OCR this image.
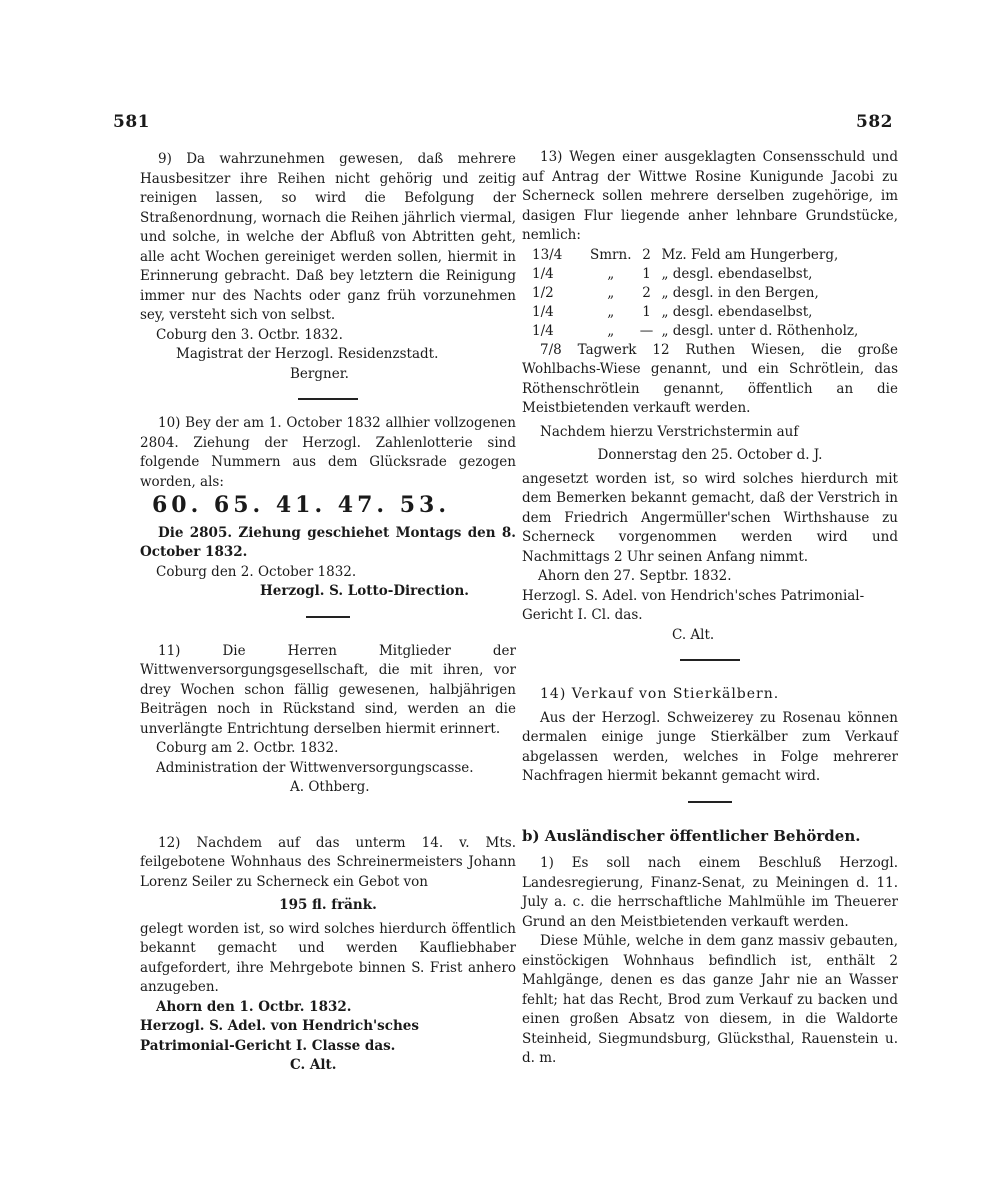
581	582

9) Da wahrzunehmen gewesen, daß mehrere Hausbesitzer ihre Reihen nicht gehörig und zeitig reinigen lassen, so wird die Befolgung der Straßenordnung, wornach die Reihen jährlich viermal, und solche, in welche der Abfluß von Abtritten geht, alle acht Wochen gereiniget werden sollen, hiermit in Erinnerung gebracht. Daß bey letztern die Reinigung immer nur des Nachts oder ganz früh vorzunehmen sey, versteht sich von selbst.

Coburg den 3. Octbr. 1832.

Magistrat der Herzogl. Residenzstadt.

Bergner.

10) Bey der am 1. October 1832 allhier vollzogenen 2804. Ziehung der Herzogl. Zahlenlotterie sind folgende Nummern aus dem Glücksrade gezogen worden, als:

60. 65. 41. 47. 53.

Die 2805. Ziehung geschiehet Montags den 8. October 1832.

Coburg den 2. October 1832.

Herzogl. S. Lotto-Direction.

11) Die Herren Mitglieder der Wittwenversorgungsgesellschaft, die mit ihren, vor drey Wochen schon fällig gewesenen, halbjährigen Beiträgen noch in Rückstand sind, werden an die unverlängte Entrichtung derselben hiermit erinnert.

Coburg am 2. Octbr. 1832.

Administration der Wittwenversorgungscasse.

A. Othberg.

12) Nachdem auf das unterm 14. v. Mts. feilgebotene Wohnhaus des Schreinermeisters Johann Lorenz Seiler zu Scherneck ein Gebot von

195 fl. fränk.

gelegt worden ist, so wird solches hierdurch öffentlich bekannt gemacht und werden Kaufliebhaber aufgefordert, ihre Mehrgebote binnen S. Frist anhero anzugeben.

Ahorn den 1. Octbr. 1832.

Herzogl. S. Adel. von Hendrich'sches Patrimonial-Gericht I. Classe das.

C. Alt.

13) Wegen einer ausgeklagten Consensschuld und auf Antrag der Wittwe Rosine Kunigunde Jacobi zu Scherneck sollen mehrere derselben zugehörige, im dasigen Flur liegende anher lehnbare Grundstücke, nemlich:

13/4	Smrn.	2	Mz. Feld am Hungerberg,
1/4	„	1	„ desgl. ebendaselbst,
1/2	„	2	„ desgl. in den Bergen,
1/4	„	1	„ desgl. ebendaselbst,
1/4	„	—	„ desgl. unter d. Röthenholz,

7/8 Tagwerk 12 Ruthen Wiesen, die große Wohlbachs-Wiese genannt, und ein Schrötlein, das Röthenschrötlein genannt, öffentlich an die Meistbietenden verkauft werden.

Nachdem hierzu Verstrichstermin auf

Donnerstag den 25. October d. J.

angesetzt worden ist, so wird solches hierdurch mit dem Bemerken bekannt gemacht, daß der Verstrich in dem Friedrich Angermüller'schen Wirthshause zu Scherneck vorgenommen werden wird und Nachmittags 2 Uhr seinen Anfang nimmt.

Ahorn den 27. Septbr. 1832.

Herzogl. S. Adel. von Hendrich'sches Patrimonial-Gericht I. Cl. das.

C. Alt.

14) Verkauf von Stierkälbern.

Aus der Herzogl. Schweizerey zu Rosenau können dermalen einige junge Stierkälber zum Verkauf abgelassen werden, welches in Folge mehrerer Nachfragen hiermit bekannt gemacht wird.

b) Ausländischer öffentlicher Behörden.

1) Es soll nach einem Beschluß Herzogl. Landesregierung, Finanz-Senat, zu Meiningen d. 11. July a. c. die herrschaftliche Mahlmühle im Theuerer Grund an den Meistbietenden verkauft werden.

Diese Mühle, welche in dem ganz massiv gebauten, einstöckigen Wohnhaus befindlich ist, enthält 2 Mahlgänge, denen es das ganze Jahr nie an Wasser fehlt; hat das Recht, Brod zum Verkauf zu backen und einen großen Absatz von diesem, in die Waldorte Steinheid, Siegmundsburg, Glücksthal, Rauenstein u. d. m.
